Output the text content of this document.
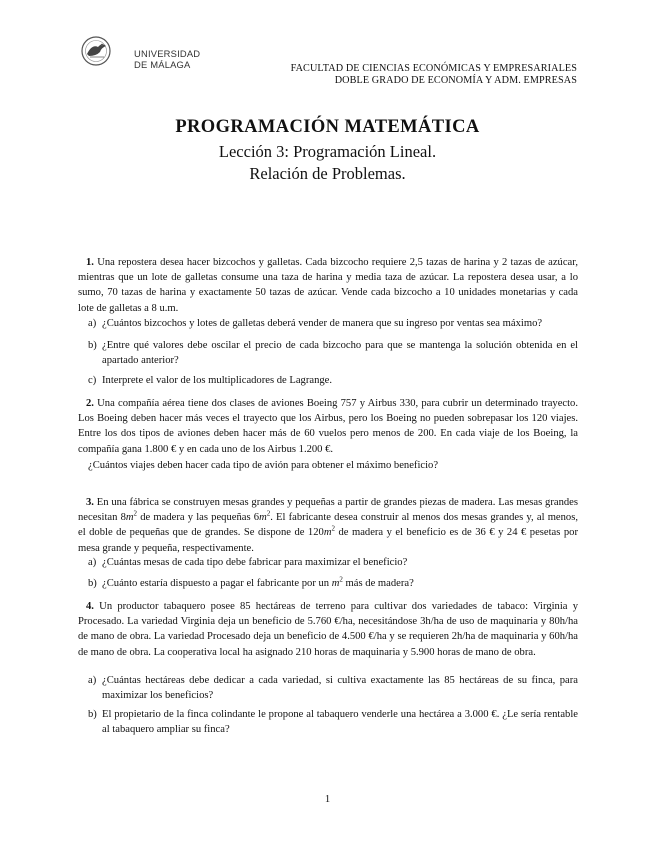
UNIVERSIDAD
DE MÁLAGA	FACULTAD DE CIENCIAS ECONÓMICAS Y EMPRESARIALES
DOBLE GRADO DE ECONOMÍA Y ADM. EMPRESAS
PROGRAMACIÓN MATEMÁTICA
Lección 3: Programación Lineal.
Relación de Problemas.
1. Una repostera desea hacer bizcochos y galletas. Cada bizcocho requiere 2,5 tazas de harina y 2 tazas de azúcar, mientras que un lote de galletas consume una taza de harina y media taza de azúcar. La repostera desea usar, a lo sumo, 70 tazas de harina y exactamente 50 tazas de azúcar. Vende cada bizcocho a 10 unidades monetarias y cada lote de galletas a 8 u.m.
a) ¿Cuántos bizcochos y lotes de galletas deberá vender de manera que su ingreso por ventas sea máximo?
b) ¿Entre qué valores debe oscilar el precio de cada bizcocho para que se mantenga la solución obtenida en el apartado anterior?
c) Interprete el valor de los multiplicadores de Lagrange.
2. Una compañía aérea tiene dos clases de aviones Boeing 757 y Airbus 330, para cubrir un determinado trayecto. Los Boeing deben hacer más veces el trayecto que los Airbus, pero los Boeing no pueden sobrepasar los 120 viajes. Entre los dos tipos de aviones deben hacer más de 60 vuelos pero menos de 200. En cada viaje de los Boeing, la compañía gana 1.800 € y en cada uno de los Airbus 1.200 €.
¿Cuántos viajes deben hacer cada tipo de avión para obtener el máximo beneficio?
3. En una fábrica se construyen mesas grandes y pequeñas a partir de grandes piezas de madera. Las mesas grandes necesitan $8m^2$ de madera y las pequeñas $6m^2$. El fabricante desea construir al menos dos mesas grandes y, al menos, el doble de pequeñas que de grandes. Se dispone de $120m^2$ de madera y el beneficio es de 36 € y 24 € pesetas por mesa grande y pequeña, respectivamente.
a) ¿Cuántas mesas de cada tipo debe fabricar para maximizar el beneficio?
b) ¿Cuánto estaría dispuesto a pagar el fabricante por un $m^2$ más de madera?
4. Un productor tabaquero posee 85 hectáreas de terreno para cultivar dos variedades de tabaco: Virginia y Procesado. La variedad Virginia deja un beneficio de 5.760 €/ha, necesitándose 3h/ha de uso de maquinaria y 80h/ha de mano de obra. La variedad Procesado deja un beneficio de 4.500 €/ha y se requieren 2h/ha de maquinaria y 60h/ha de mano de obra. La cooperativa local ha asignado 210 horas de maquinaria y 5.900 horas de mano de obra.
a) ¿Cuántas hectáreas debe dedicar a cada variedad, si cultiva exactamente las 85 hectáreas de su finca, para maximizar los beneficios?
b) El propietario de la finca colindante le propone al tabaquero venderle una hectárea a 3.000 €. ¿Le sería rentable al tabaquero ampliar su finca?
1
